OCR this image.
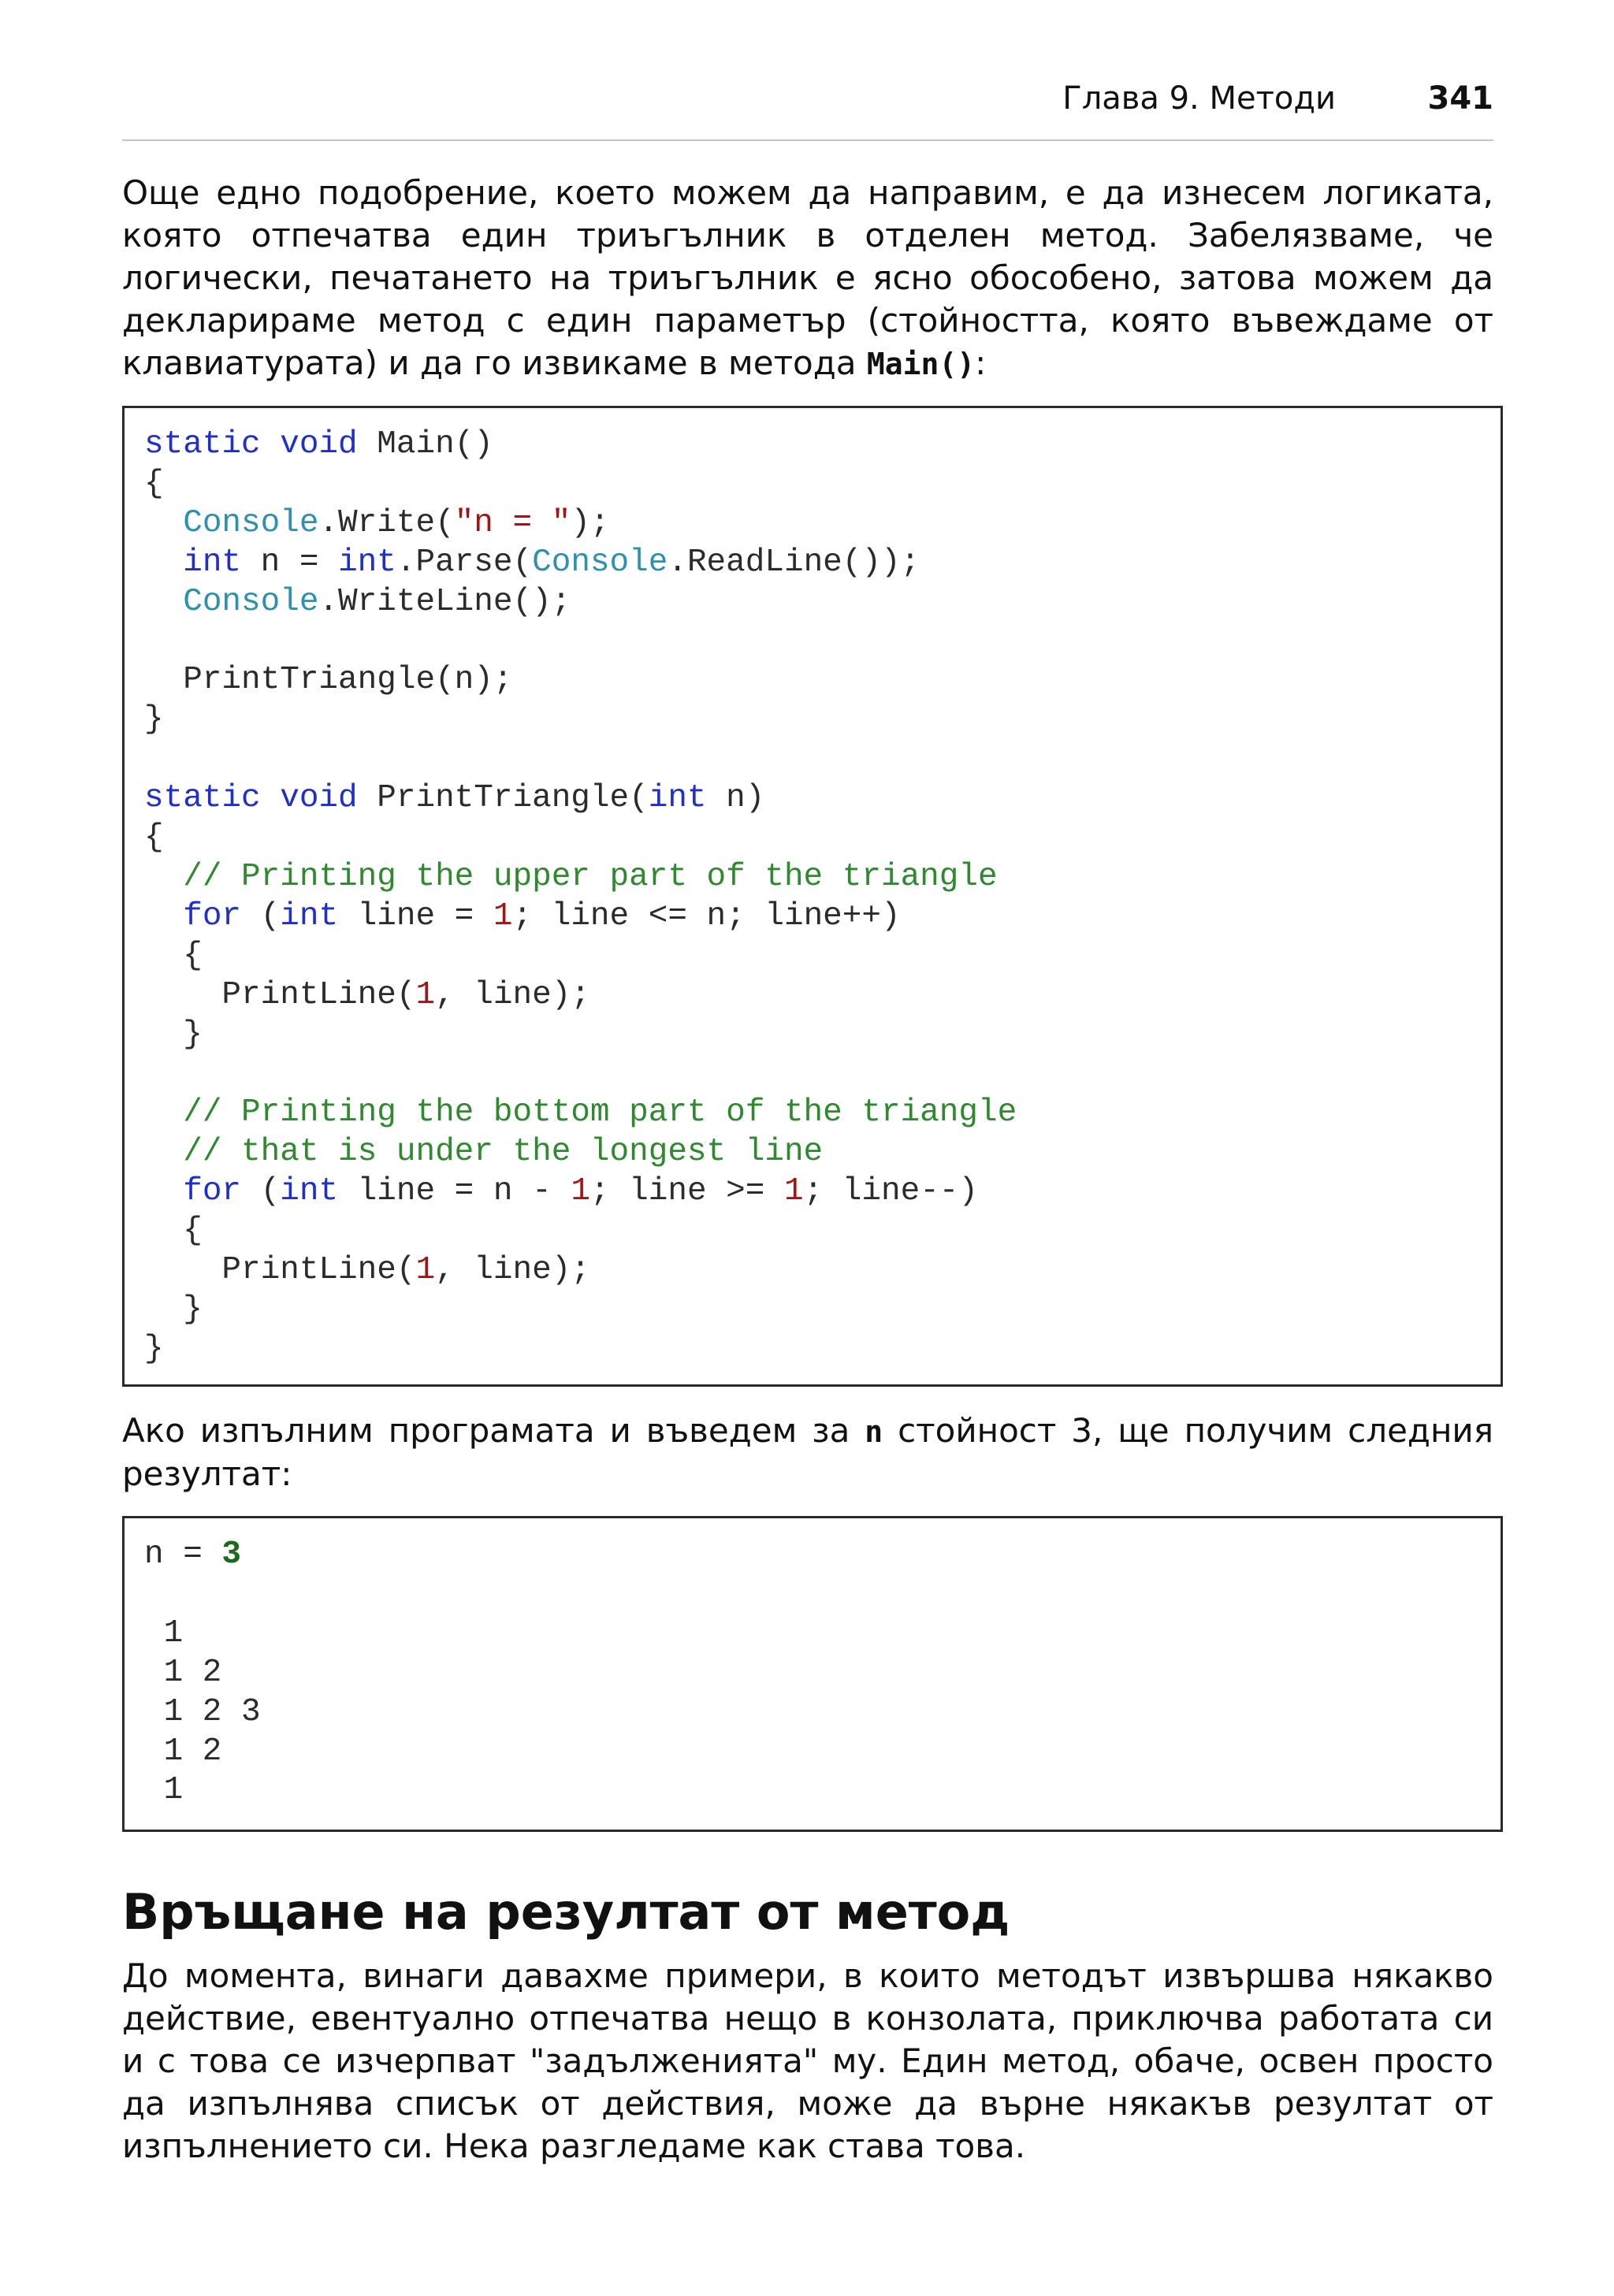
Глава 9. Методи	341

Още едно подобрение, което можем да направим, е да изнесем логиката,
която отпечатва един триъгълник в отделен метод. Забелязваме, че
логически, печатането на триъгълник е ясно обособено, затова можем да
декларираме метод с един параметър (стойността, която въвеждаме от
клавиатурата) и да го извикаме в метода Main():

static void Main()
{
Console.Write("n = ");
int n = int.Parse(Console.ReadLine());
Console.WriteLine();

PrintTriangle(n);
}

static void PrintTriangle(int n)
{
// Printing the upper part of the triangle
for (int line = 1; line <= n; line++)
{
PrintLine(1, line);
}

// Printing the bottom part of the triangle
// that is under the longest line
for (int line = n - 1; line >= 1; line--)
{
PrintLine(1, line);
}
}

Ако изпълним програмата и въведем за n стойност 3, ще получим следния
резултат:

n = 3

1
1 2
1 2 3
1 2
1

Връщане на резултат от метод

До момента, винаги давахме примери, в които методът извършва някакво
действие, евентуално отпечатва нещо в конзолата, приключва работата си
и с това се изчерпват "задълженията" му. Един метод, обаче, освен просто
да изпълнява списък от действия, може да върне някакъв резултат от
изпълнението си. Нека разгледаме как става това.
